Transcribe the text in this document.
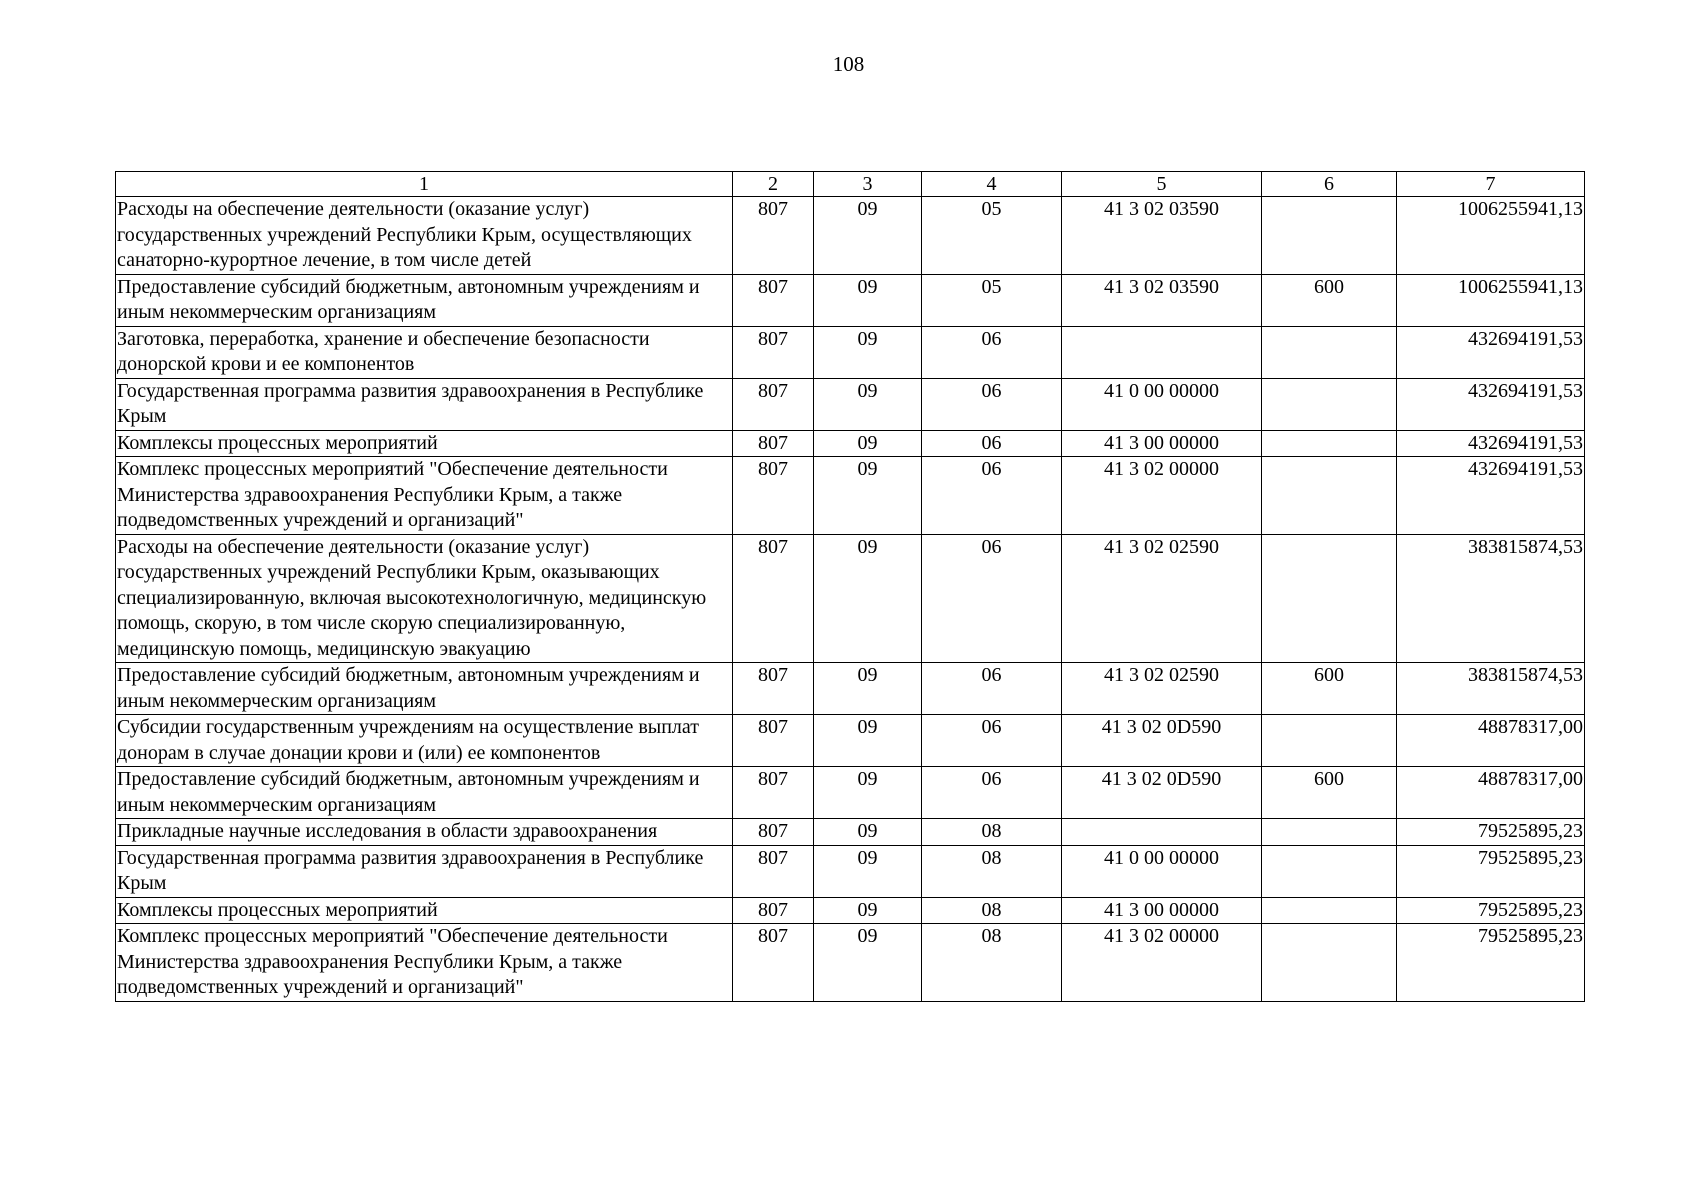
108
1	2	3	4	5	6	7
Расходы на обеспечение деятельности (оказание услуг) государственных учреждений Республики Крым, осуществляющих санаторно-курортное лечение, в том числе детей	807	09	05	41 3 02 03590		1006255941,13
Предоставление субсидий бюджетным, автономным учреждениям и иным некоммерческим организациям	807	09	05	41 3 02 03590	600	1006255941,13
Заготовка, переработка, хранение и обеспечение безопасности донорской крови и ее компонентов	807	09	06			432694191,53
Государственная программа развития здравоохранения в Республике Крым	807	09	06	41 0 00 00000		432694191,53
Комплексы процессных мероприятий	807	09	06	41 3 00 00000		432694191,53
Комплекс процессных мероприятий "Обеспечение деятельности Министерства здравоохранения Республики Крым, а также подведомственных учреждений и организаций"	807	09	06	41 3 02 00000		432694191,53
Расходы на обеспечение деятельности (оказание услуг) государственных учреждений Республики Крым, оказывающих специализированную, включая высокотехнологичную, медицинскую помощь, скорую, в том числе скорую специализированную, медицинскую помощь, медицинскую эвакуацию	807	09	06	41 3 02 02590		383815874,53
Предоставление субсидий бюджетным, автономным учреждениям и иным некоммерческим организациям	807	09	06	41 3 02 02590	600	383815874,53
Субсидии государственным учреждениям на осуществление выплат донорам в случае донации крови и (или) ее компонентов	807	09	06	41 3 02 0D590		48878317,00
Предоставление субсидий бюджетным, автономным учреждениям и иным некоммерческим организациям	807	09	06	41 3 02 0D590	600	48878317,00
Прикладные научные исследования в области здравоохранения	807	09	08			79525895,23
Государственная программа развития здравоохранения в Республике Крым	807	09	08	41 0 00 00000		79525895,23
Комплексы процессных мероприятий	807	09	08	41 3 00 00000		79525895,23
Комплекс процессных мероприятий "Обеспечение деятельности Министерства здравоохранения Республики Крым, а также подведомственных учреждений и организаций"	807	09	08	41 3 02 00000		79525895,23
